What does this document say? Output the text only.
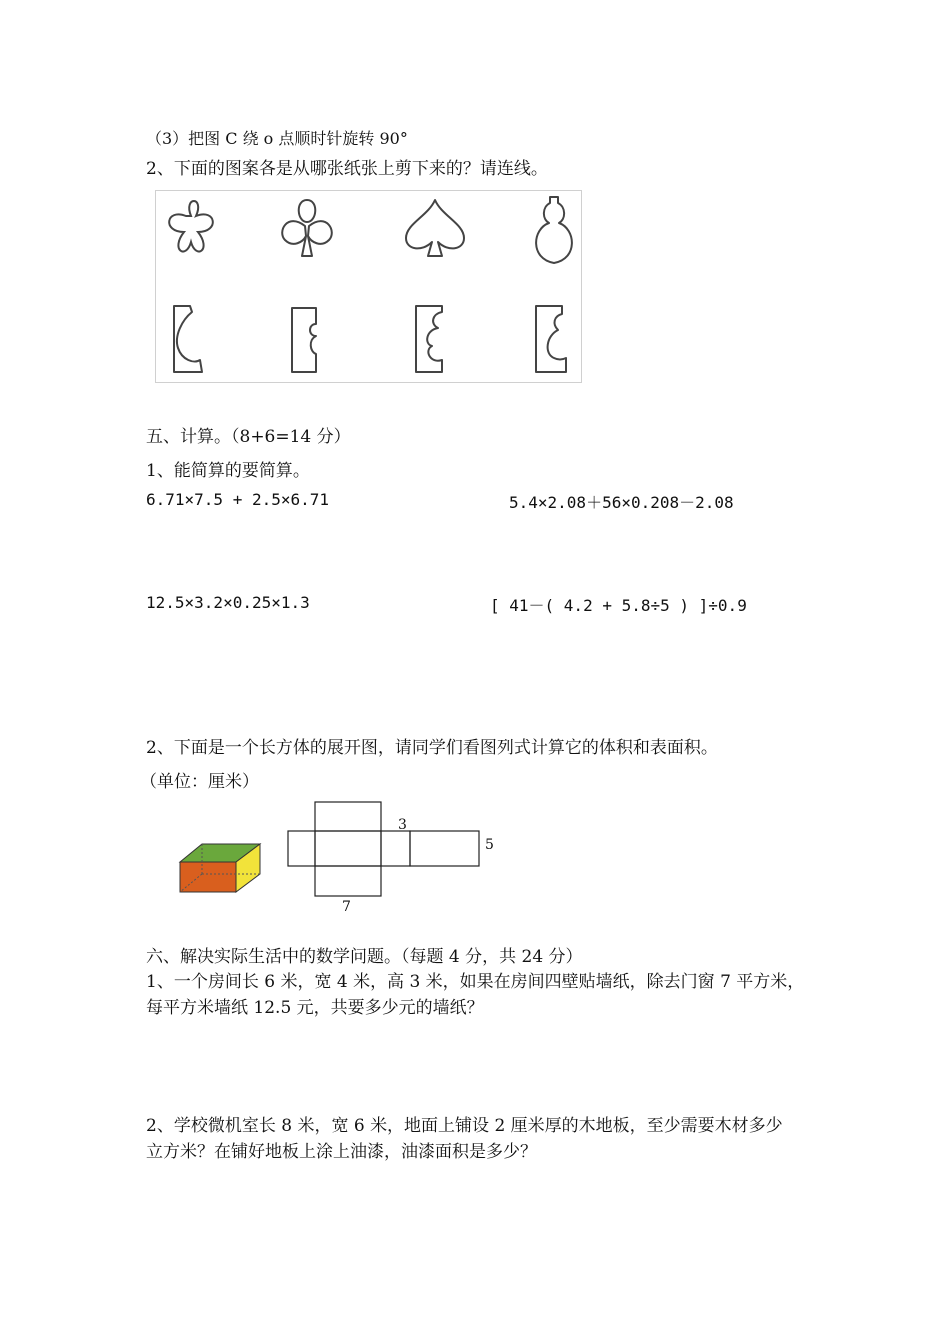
（3）把图 C 绕 o 点顺时针旋转 90°
2、下面的图案各是从哪张纸张上剪下来的？请连线。
五、计算。（8+6=14 分）
1、能简算的要简算。
6.71×7.5 + 2.5×6.71	5.4×2.08＋56×0.208－2.08
12.5×3.2×0.25×1.3	[ 41－( 4.2 + 5.8÷5 ) ]÷0.9
2、下面是一个长方体的展开图，请同学们看图列式计算它的体积和表面积。
（单位：厘米）
3
5
7
六、解决实际生活中的数学问题。（每题 4 分，共 24 分）
1、一个房间长 6 米，宽 4 米，高 3 米，如果在房间四壁贴墙纸，除去门窗 7 平方米，
每平方米墙纸 12.5 元，共要多少元的墙纸？
2、学校微机室长 8 米，宽 6 米，地面上铺设 2 厘米厚的木地板，至少需要木材多少
立方米？在铺好地板上涂上油漆，油漆面积是多少？
